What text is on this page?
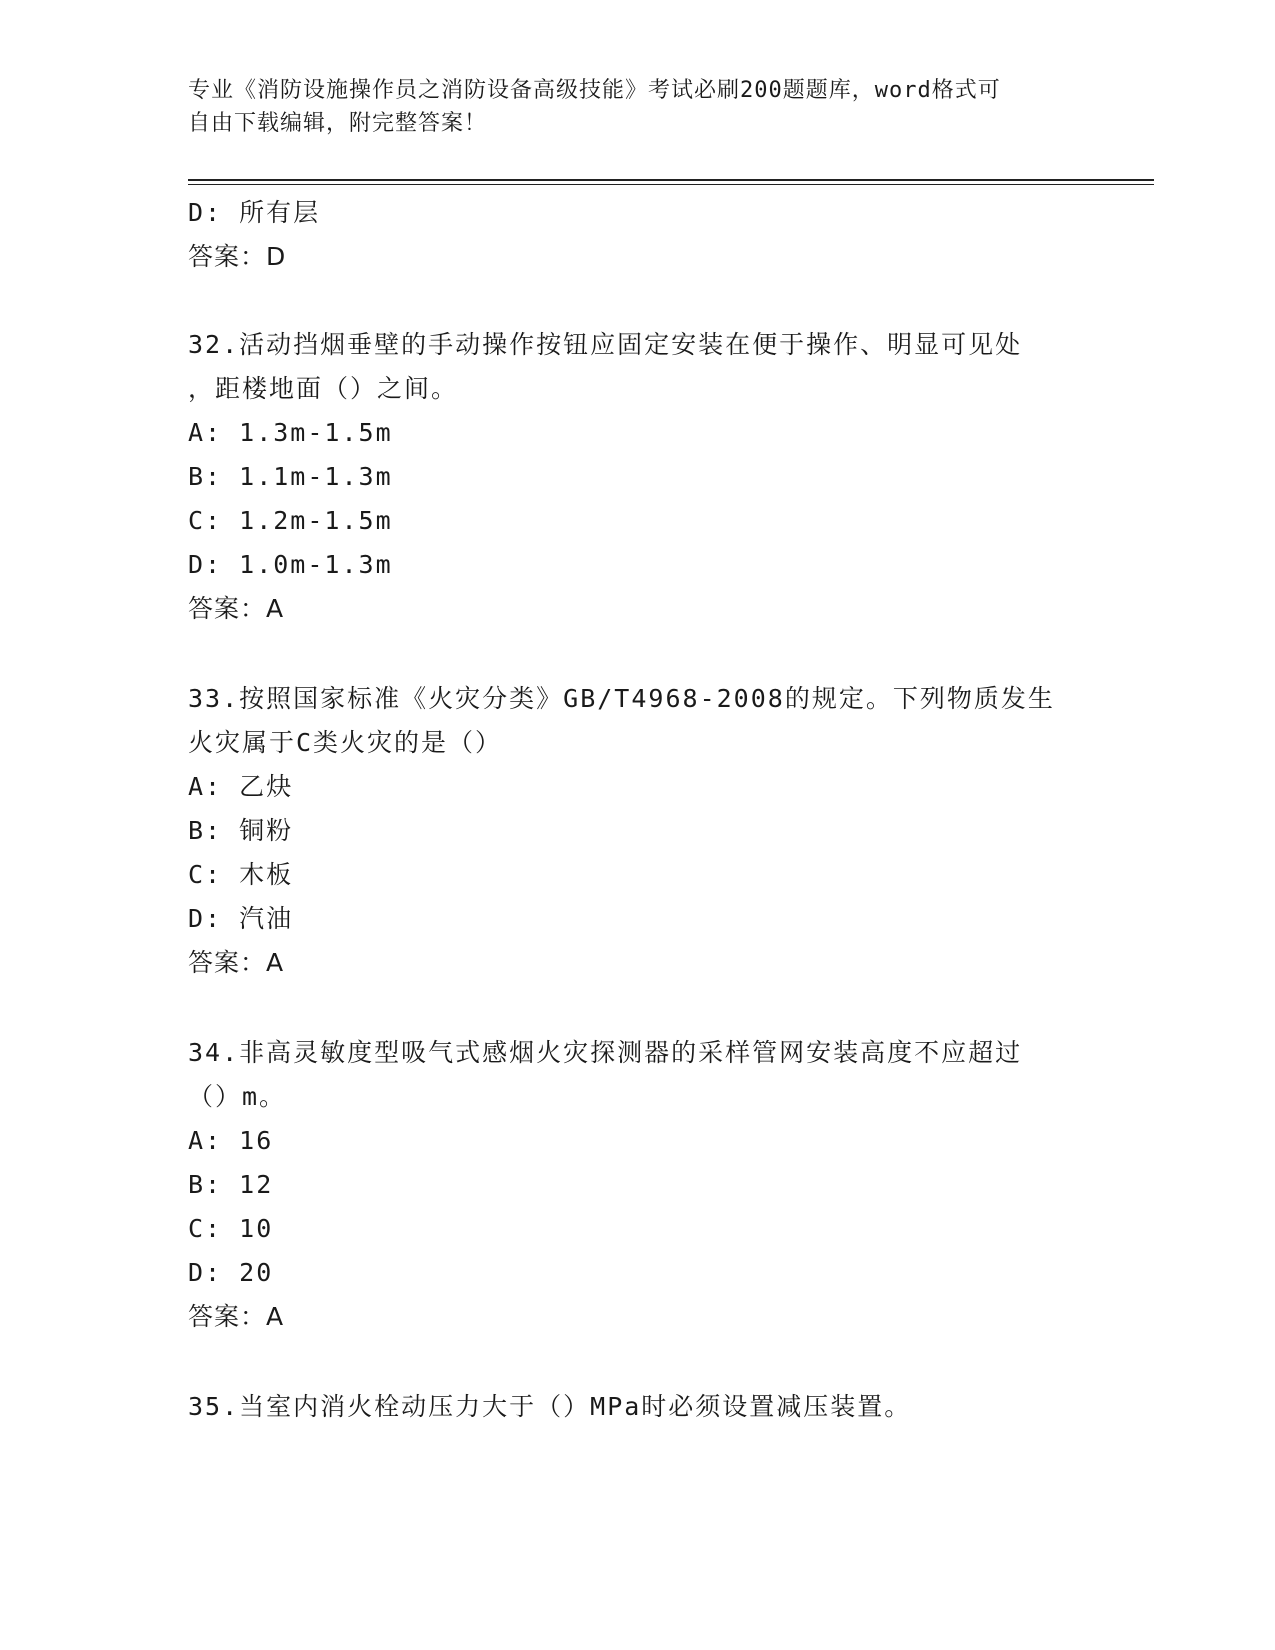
专业《消防设施操作员之消防设备高级技能》考试必刷200题题库，word格式可
自由下载编辑，附完整答案！
D: 所有层
答案：D
32.活动挡烟垂壁的手动操作按钮应固定安装在便于操作、明显可见处
，距楼地面（）之间。
A: 1.3m-1.5m
B: 1.1m-1.3m
C: 1.2m-1.5m
D: 1.0m-1.3m
答案：A
33.按照国家标准《火灾分类》GB/T4968-2008的规定。下列物质发生
火灾属于C类火灾的是（）
A: 乙炔
B: 铜粉
C: 木板
D: 汽油
答案：A
34.非高灵敏度型吸气式感烟火灾探测器的采样管网安装高度不应超过
（）m。
A: 16
B: 12
C: 10
D: 20
答案：A
35.当室内消火栓动压力大于（）MPa时必须设置减压装置。
